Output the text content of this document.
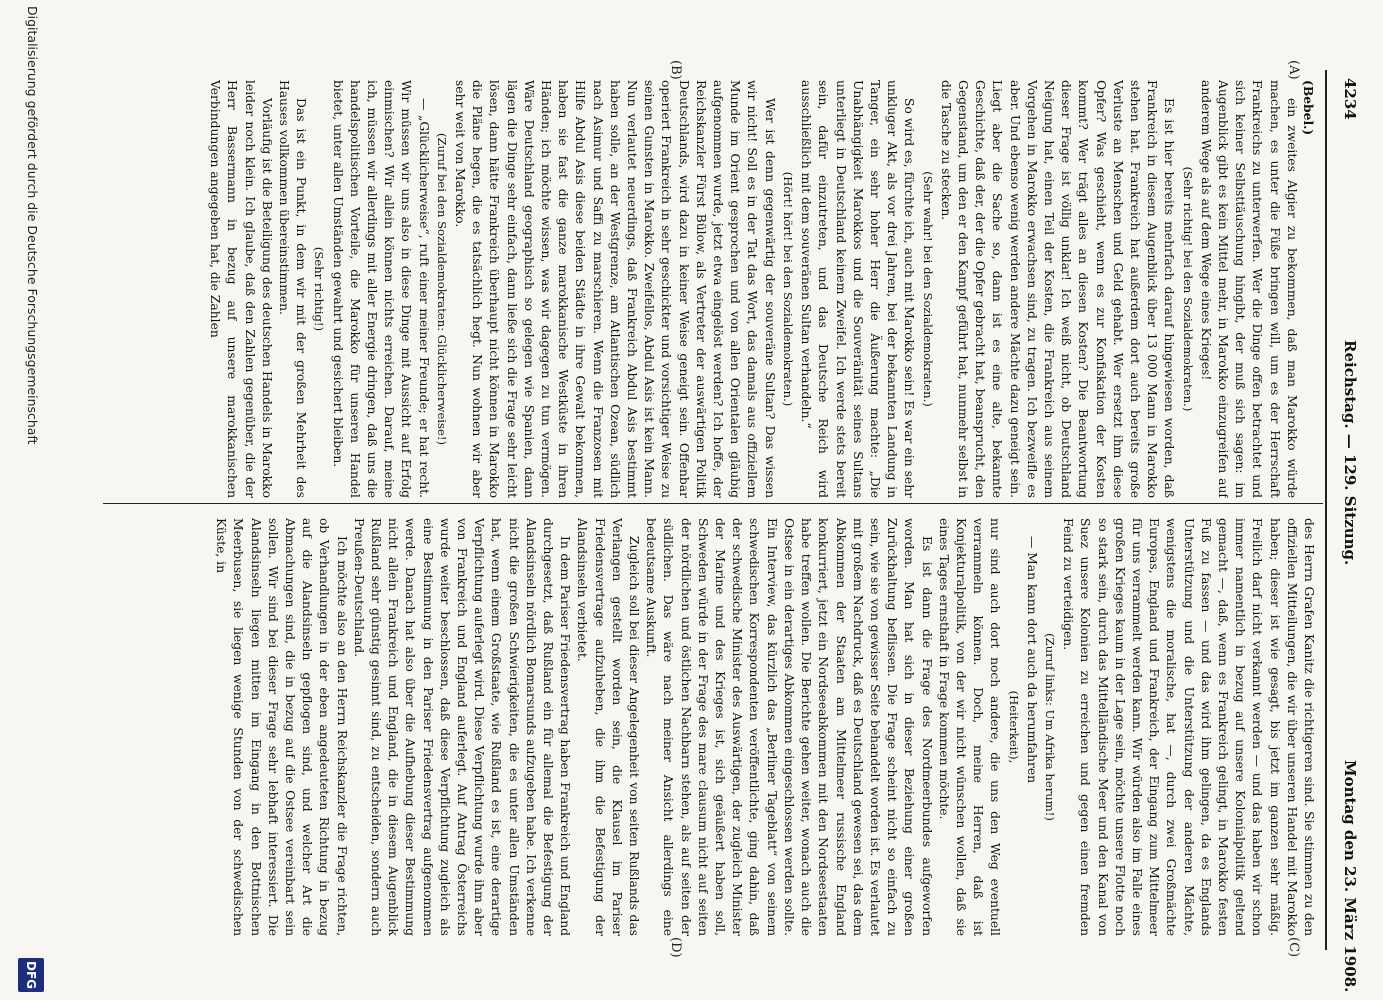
4234
Reichstag. — 129. Sitzung.
Montag den 23. März 1908.
(A)
(B)
(C)
(D)

(Bebel.)

ein zweites Algier zu bekommen, daß man Marokko würde machen, es unter die Füße bringen will, um es der Herrschaft Frankreichs zu unterwerfen. Wer die Dinge offen betrachtet und sich keiner Selbsttäuschung hingibt, der muß sich sagen: im Augenblick gibt es kein Mittel mehr, in Marokko einzugreifen auf anderem Wege als auf dem Wege eines Krieges!

(Sehr richtig! bei den Sozialdemokraten.)

Es ist hier bereits mehrfach darauf hingewiesen worden, daß Frankreich in diesem Augenblick über 13 000 Mann in Marokko stehen hat. Frankreich hat außerdem dort auch bereits große Verluste an Menschen und Geld gehabt. Wer ersetzt ihm diese Opfer? Was geschieht, wenn es zur Konfiskation der Kosten kommt? Wer trägt alles an diesen Kosten? Die Beantwortung dieser Frage ist völlig unklar! Ich weiß nicht, ob Deutschland Neigung hat, einen Teil der Kosten, die Frankreich aus seinem Vorgehen in Marokko erwachsen sind, zu tragen. Ich bezweifle es aber. Und ebenso wenig werden andere Mächte dazu geneigt sein. Liegt aber die Sache so, dann ist es eine alte, bekannte Geschichte, daß der, der die Opfer gebracht hat, beansprucht, den Gegenstand, um den er den Kampf geführt hat, nunmehr selbst in die Tasche zu stecken.

(Sehr wahr! bei den Sozialdemokraten.)

So wird es, fürchte ich, auch mit Marokko sein! Es war ein sehr unkluger Akt, als vor drei Jahren, bei der bekannten Landung in Tanger, ein sehr hoher Herr die Äußerung machte: „Die Unabhängigkeit Marokkos und die Souveränität seines Sultans unterliegt in Deutschland keinem Zweifel. Ich werde stets bereit sein, dafür einzutreten, und das Deutsche Reich wird ausschließlich mit dem souveränen Sultan verhandeln.“

(Hört! hört! bei den Sozialdemokraten.)

Wer ist denn gegenwärtig der souveräne Sultan? Das wissen wir nicht! Soll es in der Tat das Wort, das damals aus offiziellem Munde im Orient gesprochen und von allen Orientalen gläubig aufgenommen wurde, jetzt etwa eingelöst werden? Ich hoffe, der Reichskanzler Fürst Bülow, als Vertreter der auswärtigen Politik Deutschlands, wird dazu in keiner Weise geneigt sein. Offenbar operiert Frankreich in sehr geschickter und vorsichtiger Weise zu seinen Gunsten in Marokko. Zweifellos, Abdul Asis ist kein Mann. Nun verlautet neuerdings, daß Frankreich Abdul Asis bestimmt haben solle, an der Westgrenze, am Atlantischen Ozean, südlich nach Asimur und Saffi zu marschieren. Wenn die Franzosen mit Hilfe Abdul Asis diese beiden Städte in ihre Gewalt bekommen, haben sie fast die ganze marokkanische Westküste in ihren Händen; ich möchte wissen, was wir dagegen zu tun vermögen. Wäre Deutschland geographisch so gelegen wie Spanien, dann lägen die Dinge sehr einfach, dann ließe sich die Frage sehr leicht lösen, dann hätte Frankreich überhaupt nicht können in Marokko die Pläne hegen, die es tatsächlich hegt. Nun wohnen wir aber sehr weit von Marokko.

(Zuruf bei den Sozialdemokraten: Glücklicherweise!)

— „Glücklicherweise“, ruft einer meiner Freunde; er hat recht. Wir müssen wir uns also in diese Dinge mit Aussicht auf Erfolg einmischen? Wir allein können nichts erreichen. Darauf, meine ich, müssen wir allerdings mit aller Energie dringen, daß uns die handelspolitischen Vorteile, die Marokko für unseren Handel bietet, unter allen Umständen gewahrt und gesichert bleiben.

(Sehr richtig!)

Das ist ein Punkt, in dem wir mit der großen Mehrheit des Hauses vollkommen übereinstimmen.

Vorläufig ist die Beteiligung des deutschen Handels in Marokko leider noch klein. Ich glaube, daß den Zahlen gegenüber, die der Herr Bassermann in bezug auf unsere marokkanischen Verbindungen angegeben hat, die Zahlen

des Herrn Grafen Kanitz die richtigeren sind. Sie stimmen zu den offiziellen Mitteilungen, die wir über unseren Handel mit Marokko haben; dieser ist wie gesagt, bis jetzt im ganzen sehr mäßig. Freilich darf nicht verkannt werden — und das haben wir schon immer namentlich in bezug auf unsere Kolonialpolitik geltend gemacht —, daß, wenn es Frankreich gelingt, in Marokko festen Fuß zu fassen — und das wird ihm gelingen, da es Englands Unterstützung und die Unterstützung der anderen Mächte, wenigstens die moralische, hat —, durch zwei Großmächte Europas, England und Frankreich, der Eingang zum Mittelmeer für uns verrammelt werden kann. Wir würden also im Falle eines großen Krieges kaum in der Lage sein, möchte unsere Flotte noch so stark sein, durch das Mittelländische Meer und den Kanal von Suez unsere Kolonien zu erreichen und gegen einen fremden Feind zu verteidigen.

(Zuruf links: Um Afrika herum!)

— Man kann dort auch da herumfahren

(Heiterkeit),

nur sind auch dort noch andere, die uns den Weg eventuell verrammeln können. Doch, meine Herren, daß ist Konjekturalpolitik, von der wir nicht wünschen wollen, daß sie eines Tages ernsthaft in Frage kommen möchte.

Es ist dann die Frage des Nordmeerbundes aufgeworfen worden. Man hat sich in dieser Beziehung einer großen Zurückhaltung beflissen. Die Frage scheint nicht so einfach zu sein, wie sie von gewisser Seite behandelt worden ist. Es verlautet mit großem Nachdruck, daß es Deutschland gewesen sei, das dem Abkommen der Staaten am Mittelmeer russische England konkurriert, jetzt ein Nordseeabkommen mit den Nordseestaaten habe treffen wollen. Die Berichte gehen weiter, wonach auch die Ostsee in ein derartiges Abkommen eingeschlossen werden sollte. Ein Interview, das kürzlich das „Berliner Tageblatt“ von seinem schwedischen Korrespondenten veröffentlichte, ging dahin, daß der schwedische Minister des Auswärtigen, der zugleich Minister der Marine und des Krieges ist, sich geäußert haben soll, Schweden würde in der Frage des mare clausum nicht auf seiten der nördlichen und östlichen Nachbarn stehen, als auf seiten der südlichen. Das wäre nach meiner Ansicht allerdings eine bedeutsame Auskunft.

Zugleich soll bei dieser Angelegenheit von seiten Rußlands das Verlangen gestellt worden sein, die Klausel im Pariser Friedensvertrage aufzuheben, die ihm die Befestigung der Alandsinseln verbietet.

In dem Pariser Friedensvertrag haben Frankreich und England durchgesetzt, daß Rußland ein für allemal die Befestigung der Alandsinseln nördlich Bomarsunds aufzugeben habe. Ich verkenne nicht die großen Schwierigkeiten, die es unter allen Umständen hat, wenn einem Großstaate, wie Rußland es ist, eine derartige Verpflichtung auferlegt wird. Diese Verpflichtung wurde ihm aber von Frankreich und England auferlegt. Auf Antrag Österreichs wurde weiter beschlossen, daß diese Verpflichtung zugleich als eine Bestimmung in den Pariser Friedensvertrag aufgenommen werde. Danach hat also über die Aufhebung dieser Bestimmung nicht allein Frankreich und England, die in diesem Augenblick Rußland sehr günstig gesinnt sind, zu entscheiden, sondern auch Preußen-Deutschland.

Ich möchte also an den Herrn Reichskanzler die Frage richten, ob Verhandlungen in der eben angedeuteten Richtung in bezug auf die Alandsinseln gepflogen sind, und welcher Art die Abmachungen sind, die in bezug auf die Ostsee vereinbart sein sollen. Wir sind bei dieser Frage sehr lebhaft interessiert. Die Alandsinseln liegen mitten im Eingang in den Bottnischen Meerbusen, sie liegen wenige Stunden von der schwedischen Küste, in

Digitalisierung gefördert durch die Deutsche Forschungsgemeinschaft
DFG
